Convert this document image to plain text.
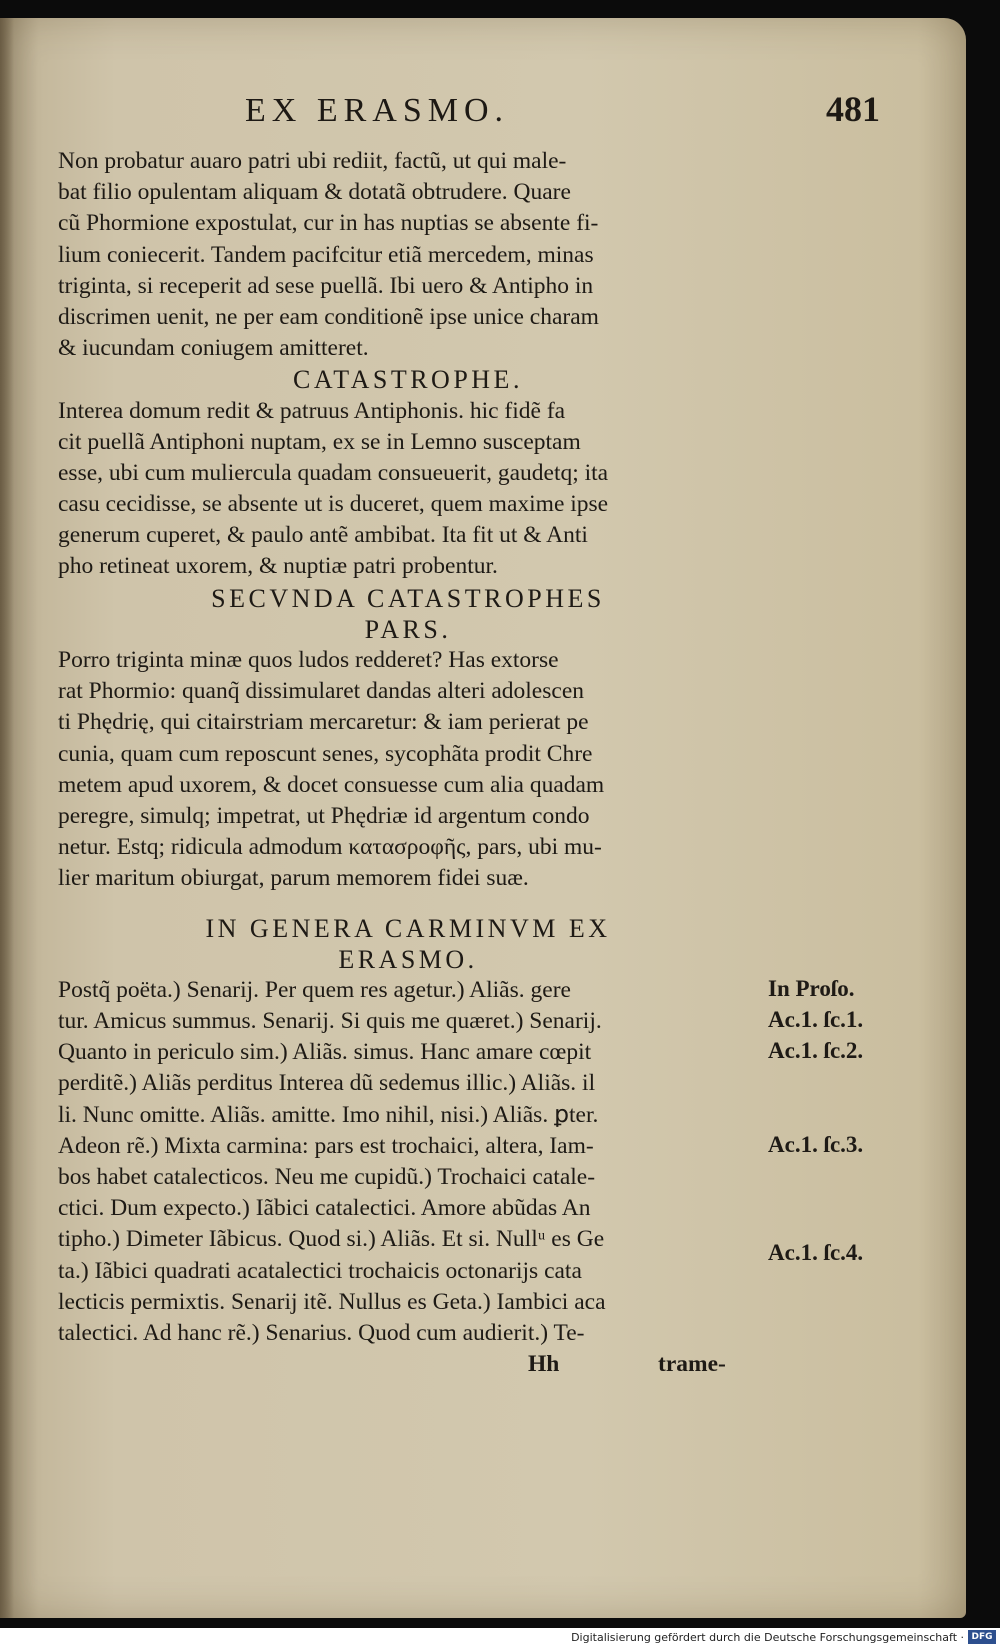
EX ERASMO.	481
Non probatur auaro patri ubi rediit, factũ, ut qui male-
bat filio opulentam aliquam & dotatã obtrudere. Quare
cũ Phormione expostulat, cur in has nuptias se absente fi-
lium coniecerit. Tandem pacifcitur etiã mercedem, minas
triginta, si receperit ad sese puellã. Ibi uero & Antipho in
discrimen uenit, ne per eam conditionẽ ipse unice charam
& iucundam coniugem amitteret.
CATASTROPHE.
Interea domum redit & patruus Antiphonis. hic fidẽ fa
cit puellã Antiphoni nuptam, ex se in Lemno susceptam
esse, ubi cum muliercula quadam consueuerit, gaudetq; ita
casu cecidisse, se absente ut is duceret, quem maxime ipse
generum cuperet, & paulo antẽ ambibat. Ita fit ut & Anti
pho retineat uxorem, & nuptiæ patri probentur.
SECVNDA CATASTROPHES
PARS.
Porro triginta minæ quos ludos redderet? Has extorse
rat Phormio: quanq̃ dissimularet dandas alteri adolescen
ti Phędrię, qui citairstriam mercaretur: & iam perierat pe
cunia, quam cum reposcunt senes, sycophãta prodit Chre
metem apud uxorem, & docet consuesse cum alia quadam
peregre, simulq; impetrat, ut Phędriæ id argentum condo
netur. Estq; ridicula admodum κατασροφῆς, pars, ubi mu-
lier maritum obiurgat, parum memorem fidei suæ.
IN GENERA CARMINVM EX
ERASMO.
Postq̃ poëta.) Senarij. Per quem res agetur.) Aliãs. gere
tur. Amicus summus. Senarij. Si quis me quæret.) Senarij.
Quanto in periculo sim.) Aliãs. simus. Hanc amare cœpit
perditẽ.) Aliãs perditus Interea dũ sedemus illic.) Aliãs. il
li. Nunc omitte. Aliãs. amitte. Imo nihil, nisi.) Aliãs. ꝑter.
Adeon rẽ.) Mixta carmina: pars est trochaici, altera, Iam-
bos habet catalecticos. Neu me cupidũ.) Trochaici catale-
ctici. Dum expecto.) Iãbici catalectici. Amore abũdas An
tipho.) Dimeter Iãbicus. Quod si.) Aliãs. Et si. Nullᵘ es Ge
ta.) Iãbici quadrati acatalectici trochaicis octonarijs cata
lecticis permixtis. Senarij itẽ. Nullus es Geta.) Iambici aca
talectici. Ad hanc rẽ.) Senarius. Quod cum audierit.) Te-
Hh	trame-
In Proſo.
Ac.1. ſc.1.
Ac.1. ſc.2.
Ac.1. ſc.3.
Ac.1. ſc.4.
Digitalisierung gefördert durch die Deutsche Forschungsgemeinschaft · DFG
